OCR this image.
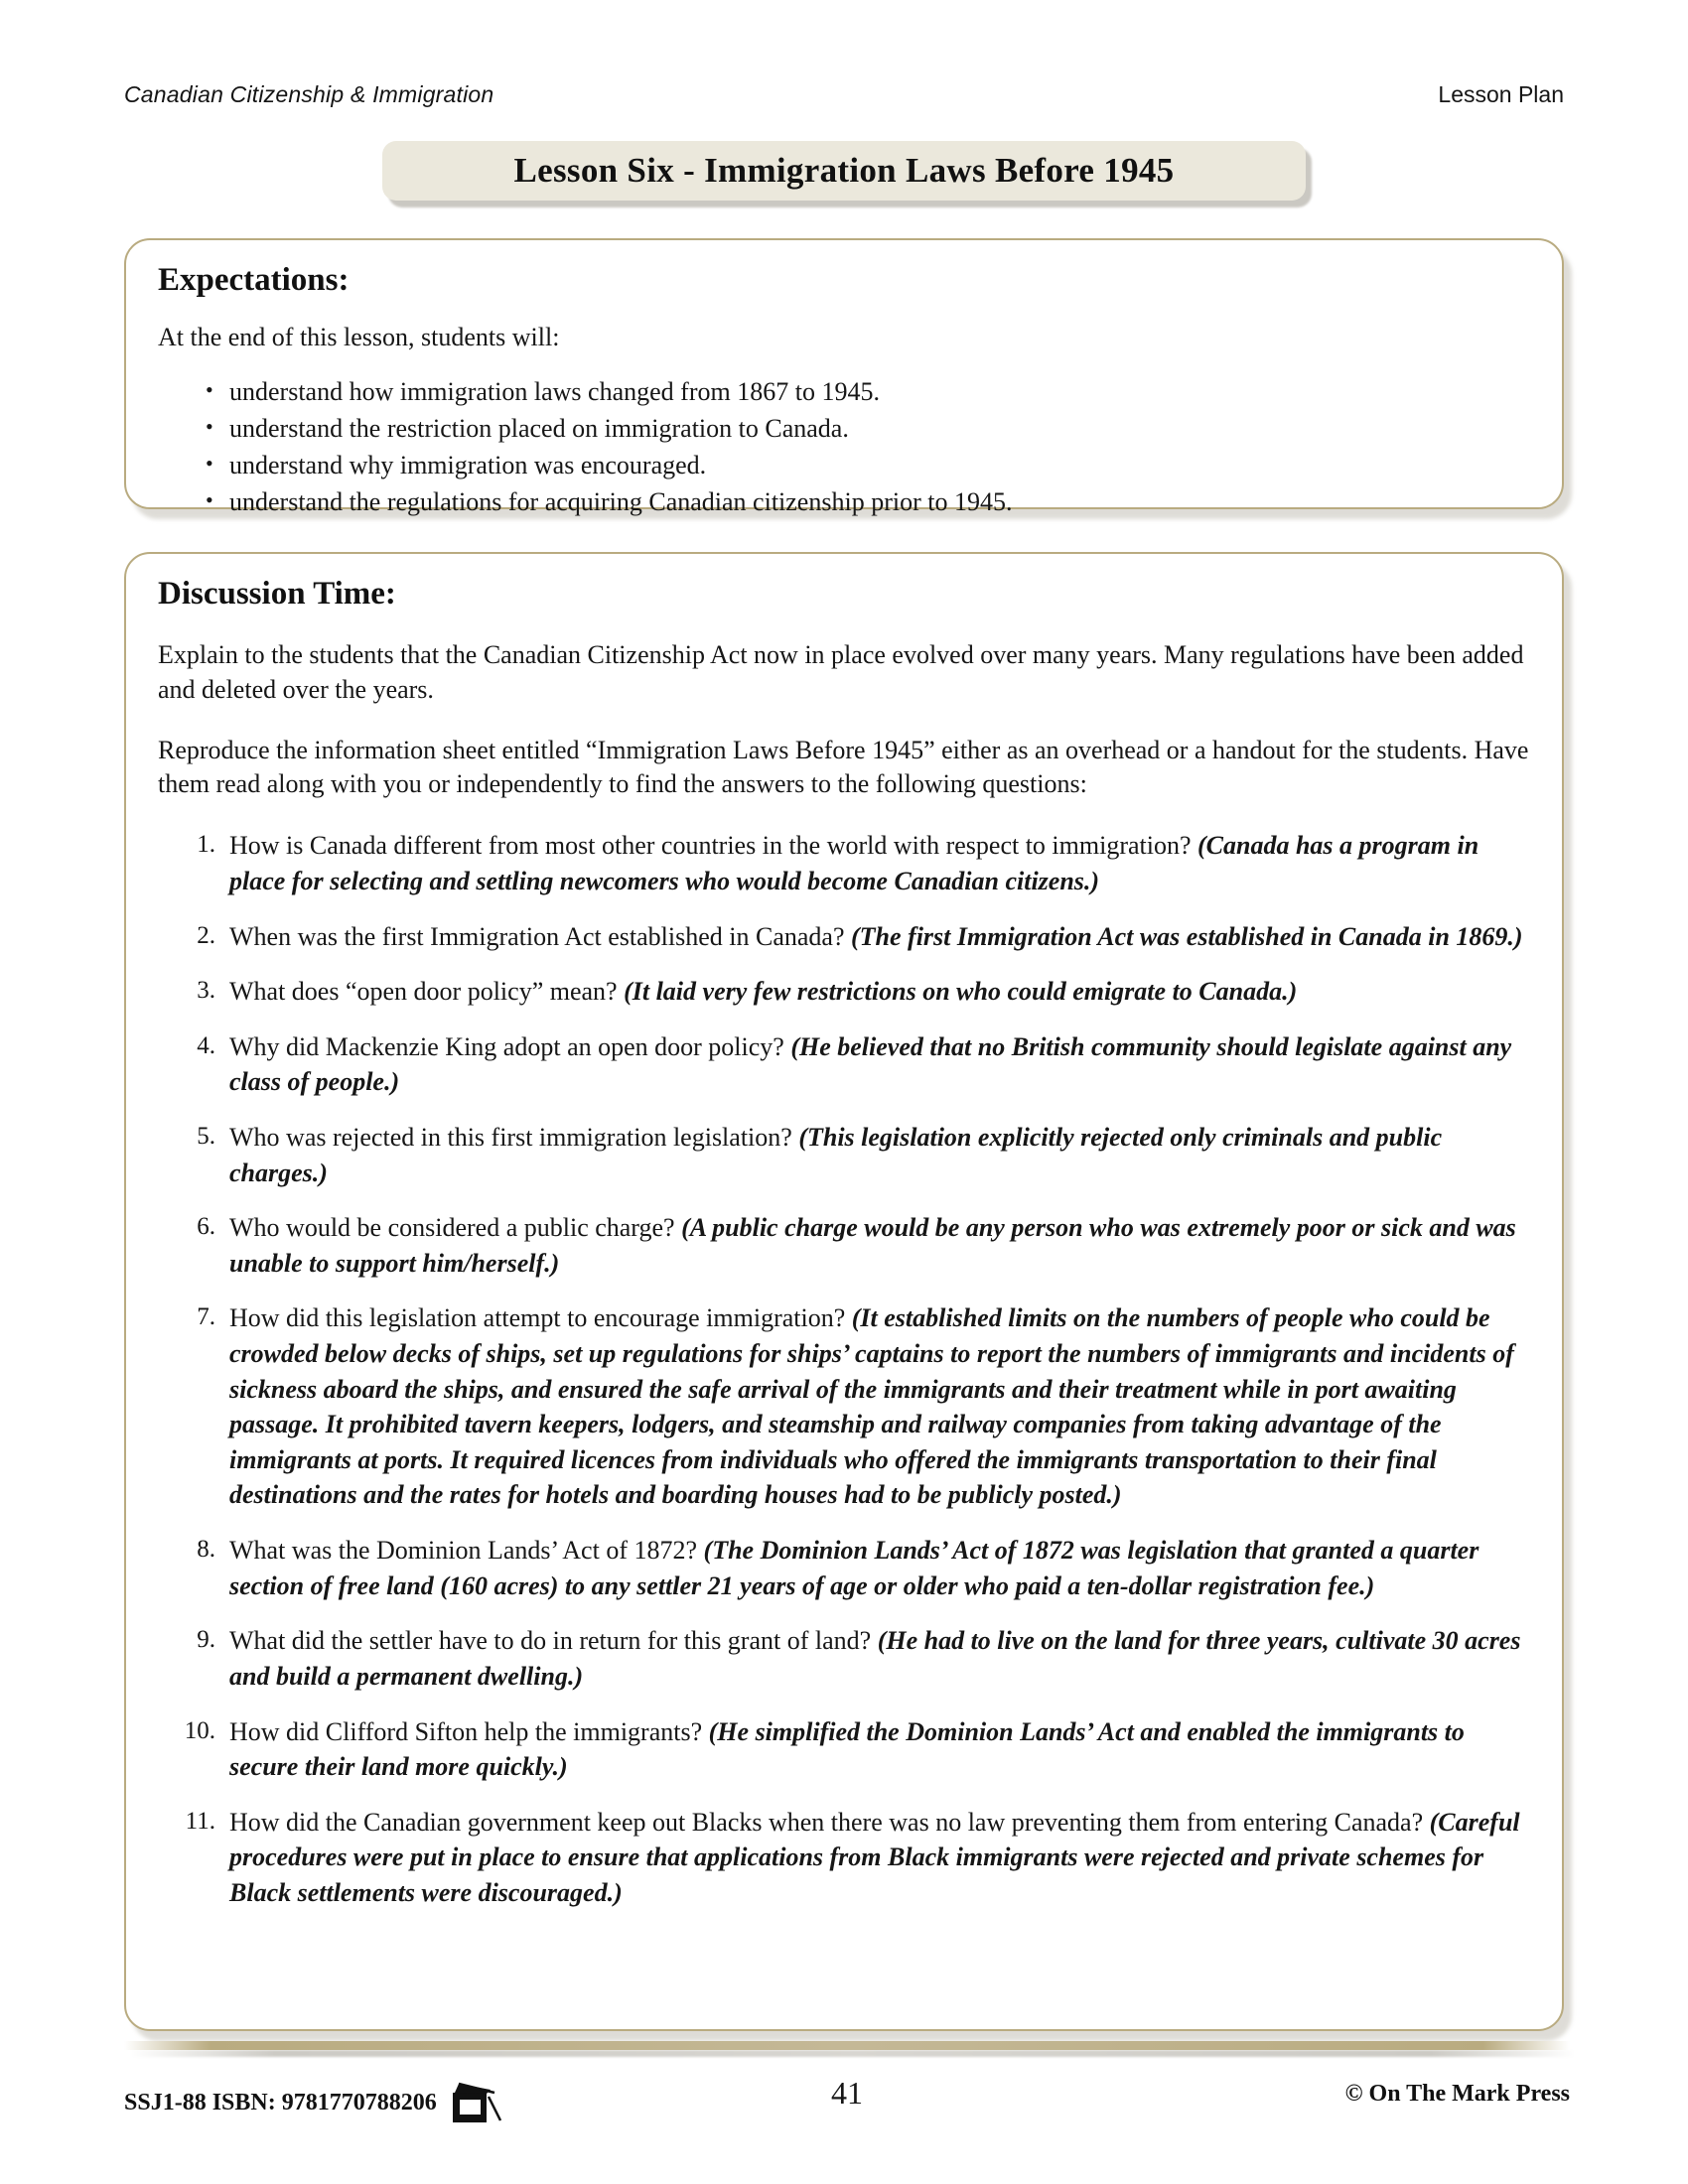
Canadian Citizenship & Immigration	Lesson Plan
Lesson Six - Immigration Laws Before 1945
Expectations:
At the end of this lesson, students will:
• understand how immigration laws changed from 1867 to 1945.
• understand the restriction placed on immigration to Canada.
• understand why immigration was encouraged.
• understand the regulations for acquiring Canadian citizenship prior to 1945.
Discussion Time:

Explain to the students that the Canadian Citizenship Act now in place evolved over many years. Many regulations have been added and deleted over the years.

Reproduce the information sheet entitled “Immigration Laws Before 1945” either as an overhead or a handout for the students. Have them read along with you or independently to find the answers to the following questions:

1. How is Canada different from most other countries in the world with respect to immigration? (Canada has a program in place for selecting and settling newcomers who would become Canadian citizens.)
2. When was the first Immigration Act established in Canada? (The first Immigration Act was established in Canada in 1869.)
3. What does “open door policy” mean? (It laid very few restrictions on who could emigrate to Canada.)
4. Why did Mackenzie King adopt an open door policy? (He believed that no British community should legislate against any class of people.)
5. Who was rejected in this first immigration legislation? (This legislation explicitly rejected only criminals and public charges.)
6. Who would be considered a public charge? (A public charge would be any person who was extremely poor or sick and was unable to support him/herself.)
7. How did this legislation attempt to encourage immigration? (It established limits on the numbers of people who could be crowded below decks of ships, set up regulations for ships’ captains to report the numbers of immigrants and incidents of sickness aboard the ships, and ensured the safe arrival of the immigrants and their treatment while in port awaiting passage. It prohibited tavern keepers, lodgers, and steamship and railway companies from taking advantage of the immigrants at ports. It required licences from individuals who offered the immigrants transportation to their final destinations and the rates for hotels and boarding houses had to be publicly posted.)
8. What was the Dominion Lands’ Act of 1872? (The Dominion Lands’ Act of 1872 was legislation that granted a quarter section of free land (160 acres) to any settler 21 years of age or older who paid a ten-dollar registration fee.)
9. What did the settler have to do in return for this grant of land? (He had to live on the land for three years, cultivate 30 acres and build a permanent dwelling.)
10. How did Clifford Sifton help the immigrants? (He simplified the Dominion Lands’ Act and enabled the immigrants to secure their land more quickly.)
11. How did the Canadian government keep out Blacks when there was no law preventing them from entering Canada? (Careful procedures were put in place to ensure that applications from Black immigrants were rejected and private schemes for Black settlements were discouraged.)
SSJ1-88 ISBN: 9781770788206	41	© On The Mark Press
